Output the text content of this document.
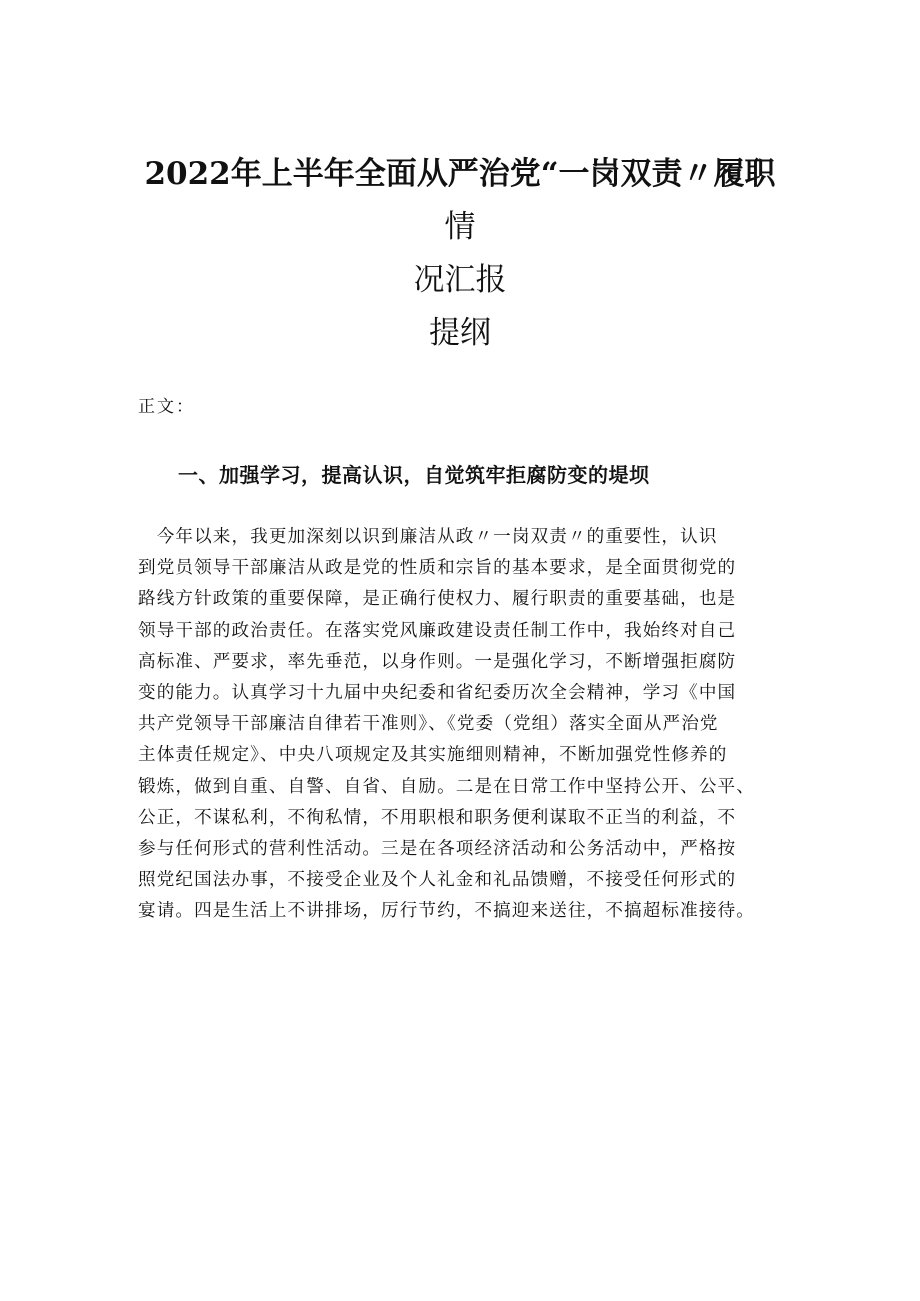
2022年上半年全面从严治党“一岗双责〃履职

情

况汇报

提纲

正文：
一、加强学习，提高认识，自觉筑牢拒腐防变的堤坝
　今年以来，我更加深刻以识到廉洁从政〃一岗双责〃的重要性，认识
到党员领导干部廉洁从政是党的性质和宗旨的基本要求，是全面贯彻党的
路线方针政策的重要保障，是正确行使权力、履行职责的重要基础，也是
领导干部的政治责任。在落实党风廉政建设责任制工作中，我始终对自己
高标准、严要求，率先垂范，以身作则。一是强化学习，不断增强拒腐防
变的能力。认真学习十九届中央纪委和省纪委历次全会精神，学习《中国
共产党领导干部廉洁自律若干准则》、《党委（党组）落实全面从严治党
主体责任规定》、中央八项规定及其实施细则精神，不断加强党性修养的
锻炼，做到自重、自警、自省、自励。二是在日常工作中坚持公开、公平、
公正，不谋私利，不徇私情，不用职根和职务便利谋取不正当的利益，不
参与任何形式的营利性活动。三是在各项经济活动和公务活动中，严格按
照党纪国法办事，不接受企业及个人礼金和礼品馈赠，不接受任何形式的
宴请。四是生活上不讲排场，厉行节约，不搞迎来送往，不搞超标准接待。
